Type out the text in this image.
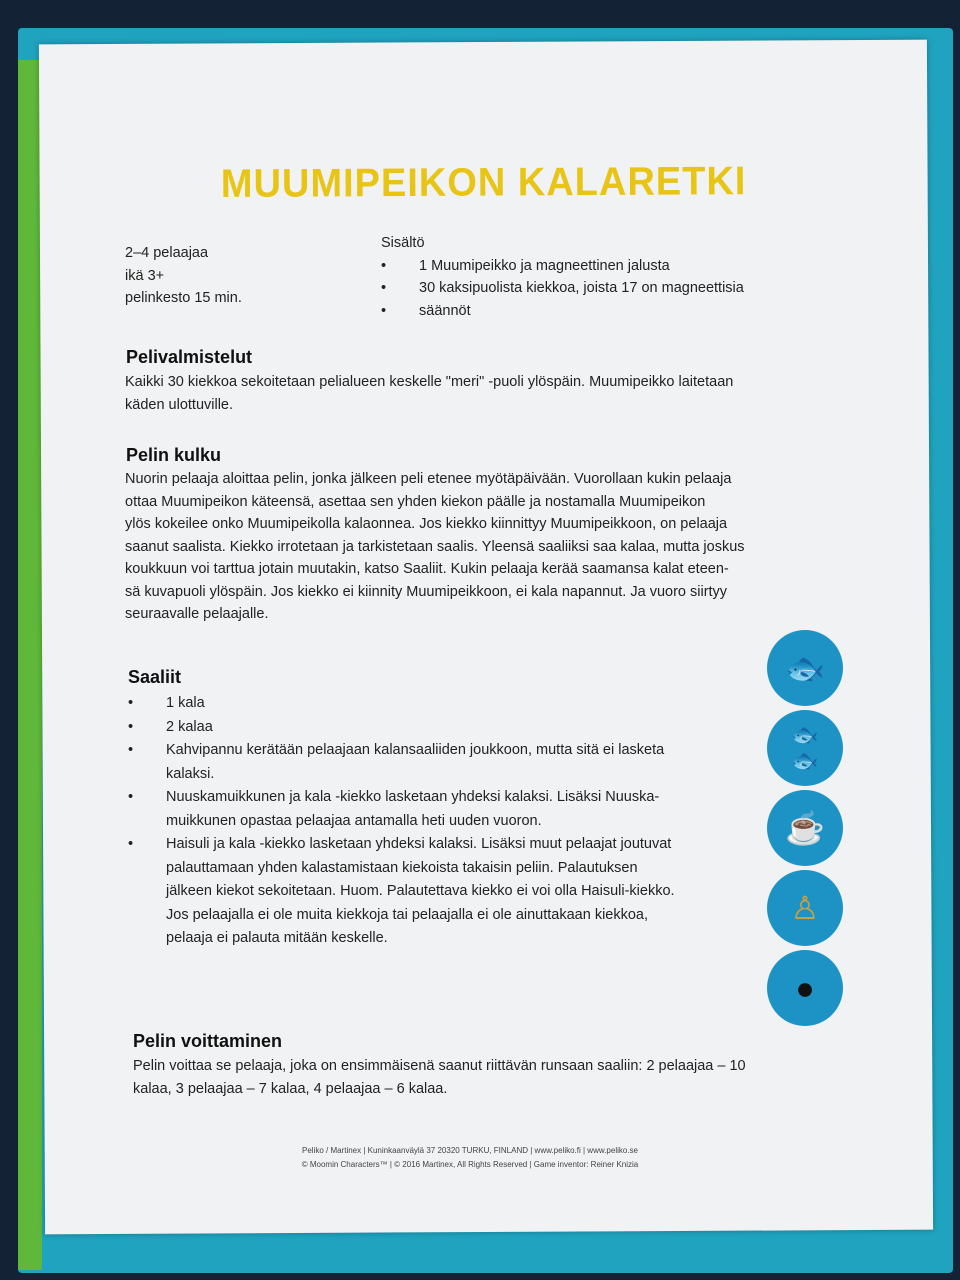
MUUMIPEIKON KALARETKI
2–4 pelaajaa
ikä 3+
pelinkesto 15 min.
Sisältö
• 1 Muumipeikko ja magneettinen jalusta
• 30 kaksipuolista kiekkoa, joista 17 on magneettisia
• säännöt
Pelivalmistelut
Kaikki 30 kiekkoa sekoitetaan pelialueen keskelle "meri" -puoli ylöspäin. Muumipeikko laitetaan
käden ulottuville.
Pelin kulku
Nuorin pelaaja aloittaa pelin, jonka jälkeen peli etenee myötäpäivään. Vuorollaan kukin pelaaja
ottaa Muumipeikon käteensä, asettaa sen yhden kiekon päälle ja nostamalla Muumipeikon
ylös kokeilee onko Muumipeikolla kalaonnea. Jos kiekko kiinnittyy Muumipeikkoon, on pelaaja
saanut saalista. Kiekko irrotetaan ja tarkistetaan saalis. Yleensä saaliiksi saa kalaa, mutta joskus
koukkuun voi tarttua jotain muutakin, katso Saaliit. Kukin pelaaja kerää saamansa kalat eteen-
sä kuvapuoli ylöspäin. Jos kiekko ei kiinnity Muumipeikkoon, ei kala napannut. Ja vuoro siirtyy
seuraavalle pelaajalle.
Saaliit
• 1 kala
• 2 kalaa
• Kahvipannu kerätään pelaajaan kalansaaliiden joukkoon, mutta sitä ei lasketa
kalaksi.
• Nuuskamuikkunen ja kala -kiekko lasketaan yhdeksi kalaksi. Lisäksi Nuuska-
muikkunen opastaa pelaajaa antamalla heti uuden vuoron.
• Haisuli ja kala -kiekko lasketaan yhdeksi kalaksi. Lisäksi muut pelaajat joutuvat
palauttamaan yhden kalastamistaan kiekoista takaisin peliin. Palautuksen
jälkeen kiekot sekoitetaan. Huom. Palautettava kiekko ei voi olla Haisuli-kiekko.
Jos pelaajalla ei ole muita kiekkoja tai pelaajalla ei ole ainuttakaan kiekkoa,
pelaaja ei palauta mitään keskelle.
🐟
🐟
🐟
☕
♙
●
Pelin voittaminen
Pelin voittaa se pelaaja, joka on ensimmäisenä saanut riittävän runsaan saaliin: 2 pelaajaa – 10
kalaa, 3 pelaajaa – 7 kalaa, 4 pelaajaa – 6 kalaa.
Peliko / Martinex | Kuninkaanväylä 37 20320 TURKU, FINLAND | www.peliko.fi | www.peliko.se
© Moomin Characters™ | © 2016 Martinex, All Rights Reserved | Game inventor: Reiner Knizia
